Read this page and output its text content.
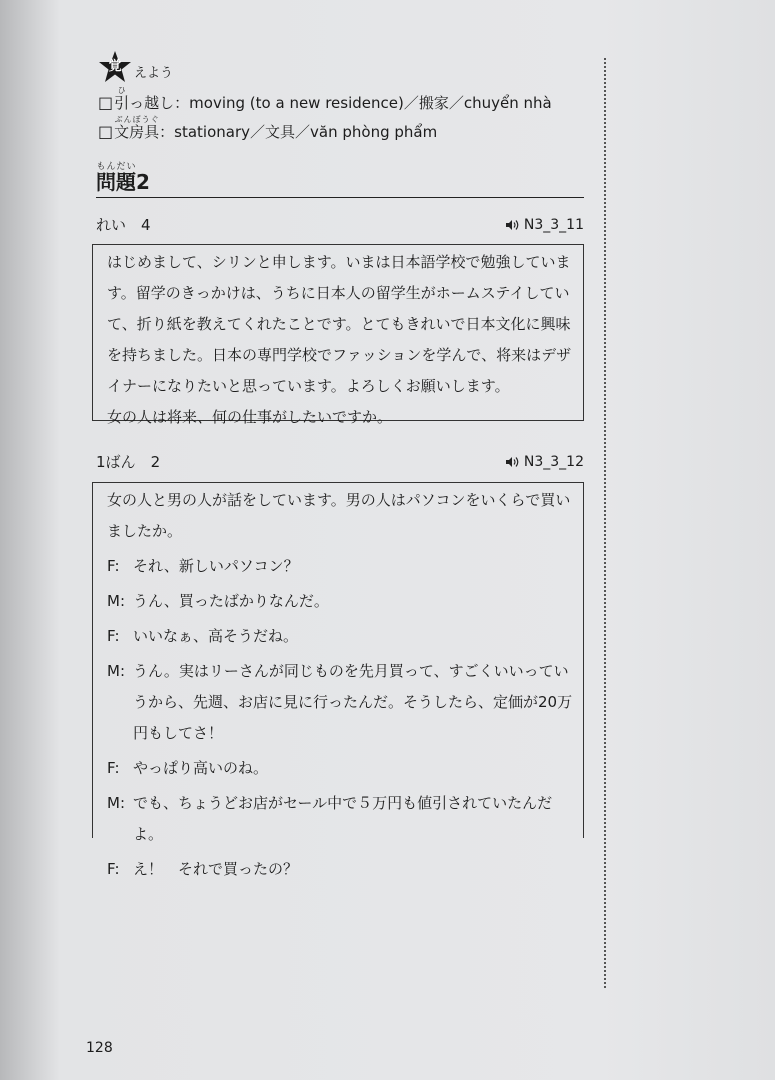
覚 えよう
□引ひっ越し：moving (to a new residence)／搬家／chuyển nhà
□文房具ぶんぼうぐ：stationary／文具／văn phòng phẩm
問題もんだい2
れい　 4	N3_3_11
はじめまして、シリンと申します。いまは日本語学校で勉強しています。留学のきっかけは、うちに日本人の留学生がホームステイしていて、折り紙を教えてくれたことです。とてもきれいで日本文化に興味を持ちました。日本の専門学校でファッションを学んで、将来はデザイナーになりたいと思っています。よろしくお願いします。
女の人は将来、何の仕事がしたいですか。
1ばん　 2	N3_3_12
女の人と男の人が話をしています。男の人はパソコンをいくらで買いましたか。
F: それ、新しいパソコン？
M: うん、買ったばかりなんだ。
F: いいなぁ、高そうだね。
M: うん。実はリーさんが同じものを先月買って、すごくいいっていうから、先週、お店に見に行ったんだ。そうしたら、定価が20万円もしてさ！
F: やっぱり高いのね。
M: でも、ちょうどお店がセール中で５万円も値引されていたんだよ。
F: え！　それで買ったの？
128
